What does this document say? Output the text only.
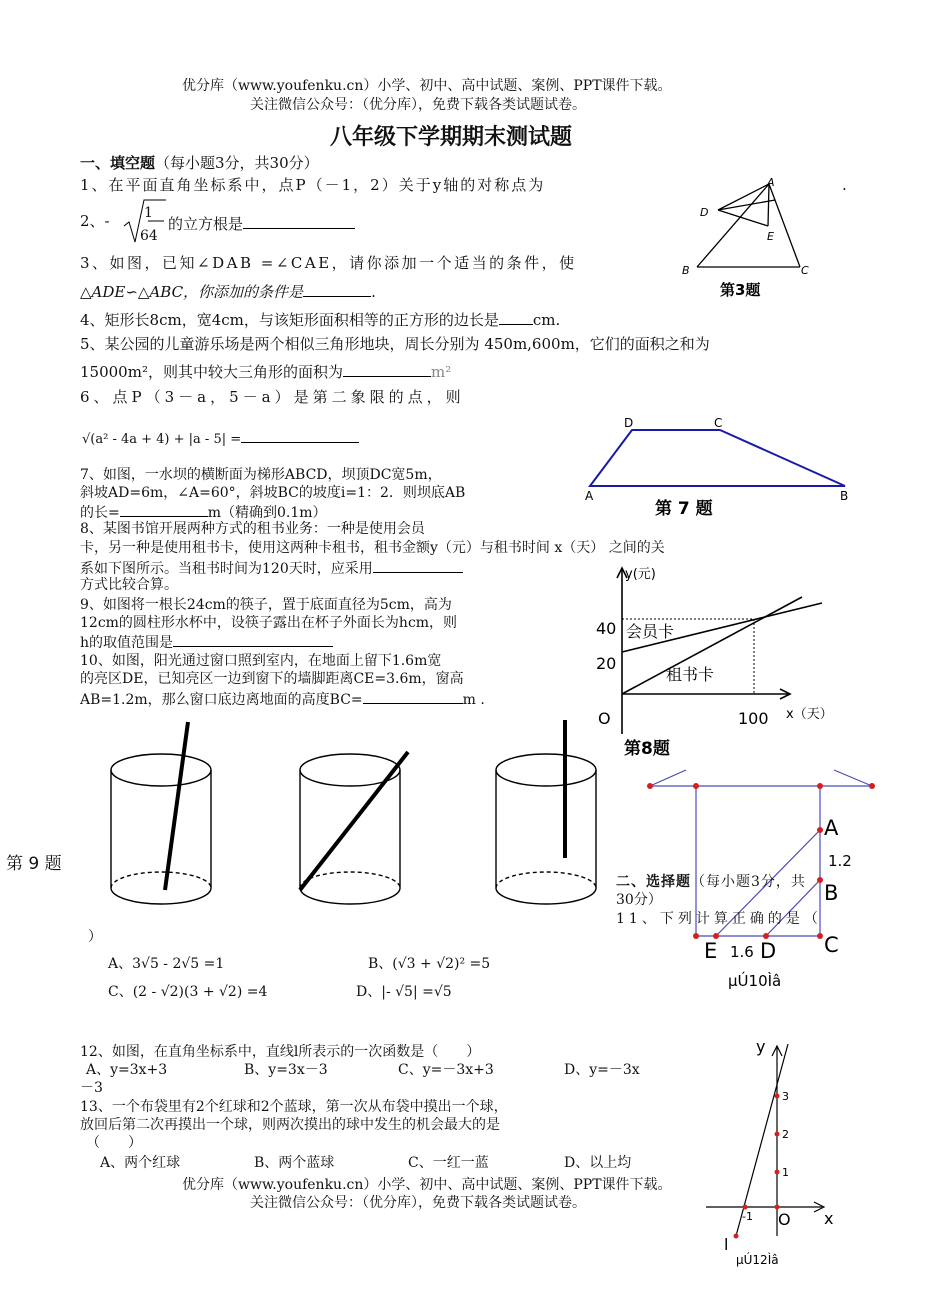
优分库（www.youfenku.cn）小学、初中、高中试题、案例、PPT课件下载。
关注微信公众号：（优分库），免费下载各类试题试卷。
八年级下学期期末测试题
一、填空题（每小题3分，共30分）
1、在平面直角坐标系中，点P（－1，2）关于y轴的对称点为	.
2、- 1
64
的立方根是
3、如图，已知∠DAB =∠CAE，请你添加一个适当的条件，使
△ADE∽△ABC，你添加的条件是	.
4、矩形长8cm，宽4cm，与该矩形面积相等的正方形的边长是 cm.
5、某公园的儿童游乐场是两个相似三角形地块，周长分别为 450m,600m，它们的面积之和为
15000m²，则其中较大三角形的面积为	m²
6、点P（3－a，5－a）是第二象限的点，则
√(a² - 4a + 4) + |a - 5| =
7、如图，一水坝的横断面为梯形ABCD，坝顶DC宽5m，
斜坡AD=6m，∠A=60°，斜坡BC的坡度i=1：2．则坝底AB
的长=	m（精确到0.1m）
8、某图书馆开展两种方式的租书业务：一种是使用会员
卡，另一种是使用租书卡，使用这两种卡租书，租书金额y（元）与租书时间 x（天） 之间的关
系如下图所示。当租书时间为120天时，应采用
方式比较合算。
9、如图将一根长24cm的筷子，置于底面直径为5cm，高为
12cm的圆柱形水杯中，设筷子露出在杯子外面长为hcm，则
h的取值范围是
10、如图，阳光通过窗口照到室内，在地面上留下1.6m宽
的亮区DE，已知亮区一边到窗下的墙脚距离CE=3.6m，窗高
AB=1.2m，那么窗口底边离地面的高度BC=	m .
A
D
E
B	C
第3题
D	C
A	B
第 7 题
y(元)
40
20
会员卡
租书卡
O	100 x（天）
第8题
第 9 题
A
1.2
B
C
E 1.6 D
µÚ10Ìâ
二、选择题（每小题3分，共
30分）
11、下列计算正确的是（
）
A、3√5 - 2√5 =1	B、(√3 + √2)² =5
C、(2 - √2)(3 + √2) =4	D、|- √5| =√5
12、如图，在直角坐标系中，直线l所表示的一次函数是（　　）
A、y=3x+3	B、y=3x－3	C、y=－3x+3	D、y=－3x
－3
13、一个布袋里有2个红球和2个蓝球，第一次从布袋中摸出一个球，
放回后第二次再摸出一个球，则两次摸出的球中发生的机会最大的是
（　　）
A、两个红球	B、两个蓝球	C、一红一蓝	D、以上均
y
3
2
1
-1 O x
l
µÚ12Ìâ
优分库（www.youfenku.cn）小学、初中、高中试题、案例、PPT课件下载。
关注微信公众号：（优分库），免费下载各类试题试卷。
